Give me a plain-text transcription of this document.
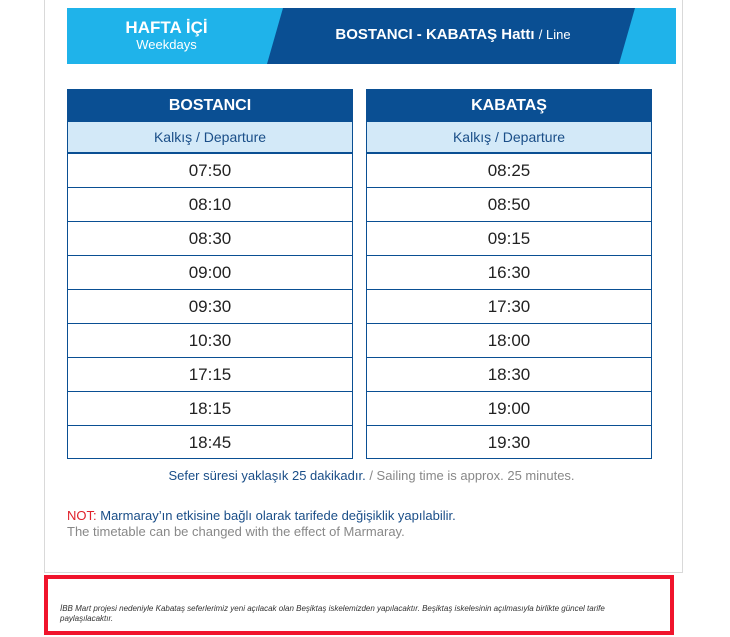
HAFTA İÇİ
Weekdays
BOSTANCI - KABATAŞ Hattı / Line
BOSTANCI
Kalkış / Departure
07:50
08:10
08:30
09:00
09:30
10:30
17:15
18:15
18:45
KABATAŞ
Kalkış / Departure
08:25
08:50
09:15
16:30
17:30
18:00
18:30
19:00
19:30
Sefer süresi yaklaşık 25 dakikadır. / Sailing time is approx. 25 minutes.
NOT: Marmaray’ın etkisine bağlı olarak tarifede değişiklik yapılabilir.
The timetable can be changed with the effect of Marmaray.
İBB Mart projesi nedeniyle Kabataş seferlerimiz yeni açılacak olan Beşiktaş iskelemizden yapılacaktır. Beşiktaş iskelesinin açılmasıyla birlikte güncel tarife paylaşılacaktır.
